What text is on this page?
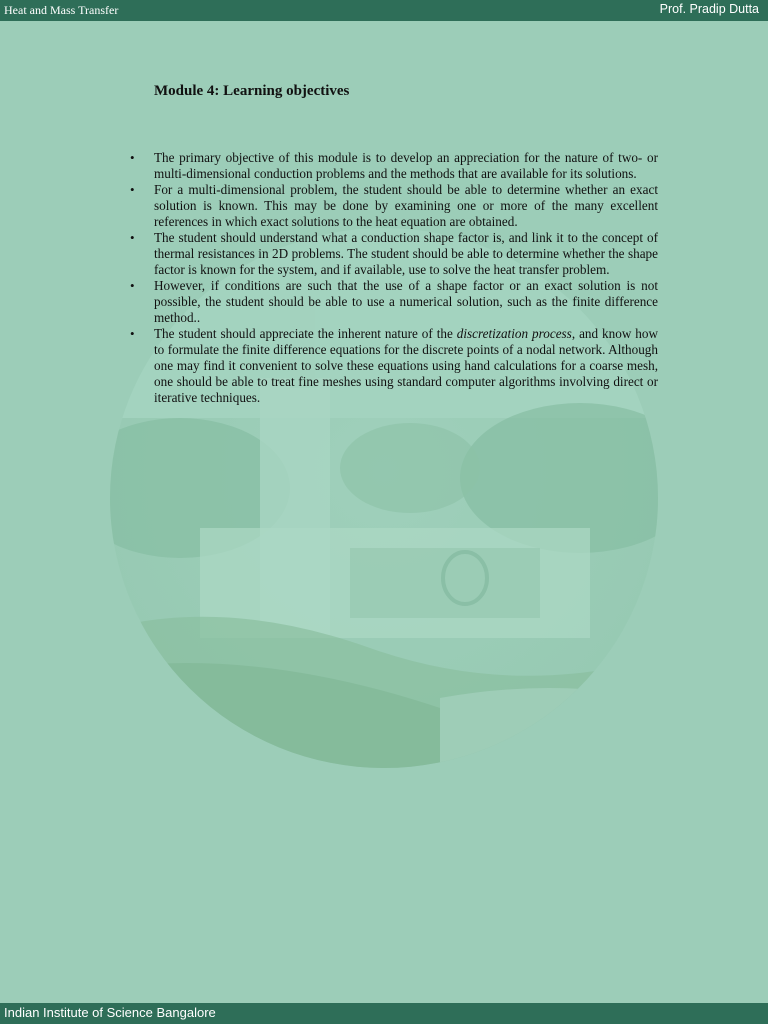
Heat and Mass Transfer	Prof. Pradip Dutta
Module 4: Learning objectives
• The primary objective of this module is to develop an appreciation for the nature of two- or multi-dimensional conduction problems and the methods that are available for its solutions.
• For a multi-dimensional problem, the student should be able to determine whether an exact solution is known. This may be done by examining one or more of the many excellent references in which exact solutions to the heat equation are obtained.
• The student should understand what a conduction shape factor is, and link it to the concept of thermal resistances in 2D problems. The student should be able to determine whether the shape factor is known for the system, and if available, use to solve the heat transfer problem.
• However, if conditions are such that the use of a shape factor or an exact solution is not possible, the student should be able to use a numerical solution, such as the finite difference method..
• The student should appreciate the inherent nature of the discretization process, and know how to formulate the finite difference equations for the discrete points of a nodal network. Although one may find it convenient to solve these equations using hand calculations for a coarse mesh, one should be able to treat fine meshes using standard computer algorithms involving direct or iterative techniques.
Indian Institute of Science Bangalore
